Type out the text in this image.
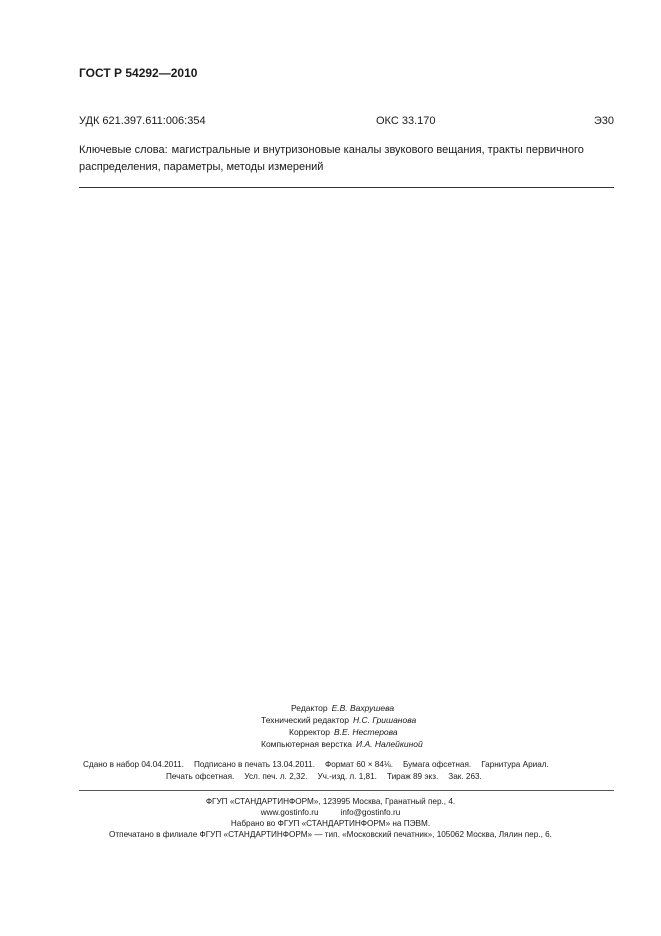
ГОСТ Р 54292—2010
УДК 621.397.611:006:354	ОКС 33.170	Э30
Ключевые слова: магистральные и внутризоновые каналы звукового вещания, тракты первичного распределения, параметры, методы измерений
Редактор Е.В. Вахрушева
Технический редактор Н.С. Гришанова
Корректор В.Е. Нестерова
Компьютерная верстка И.А. Налейкиной
Сдано в набор 04.04.2011. Подписано в печать 13.04.2011. Формат 60 × 84⅛. Бумага офсетная. Гарнитура Ариал.
Печать офсетная. Усл. печ. л. 2,32. Уч.-изд. л. 1,81. Тираж 89 экз. Зак. 263.
ФГУП «СТАНДАРТИНФОРМ», 123995 Москва, Гранатный пер., 4.
www.gostinfo.ru	info@gostinfo.ru
Набрано во ФГУП «СТАНДАРТИНФОРМ» на ПЭВМ.
Отпечатано в филиале ФГУП «СТАНДАРТИНФОРМ» — тип. «Московский печатник», 105062 Москва, Лялин пер., 6.
